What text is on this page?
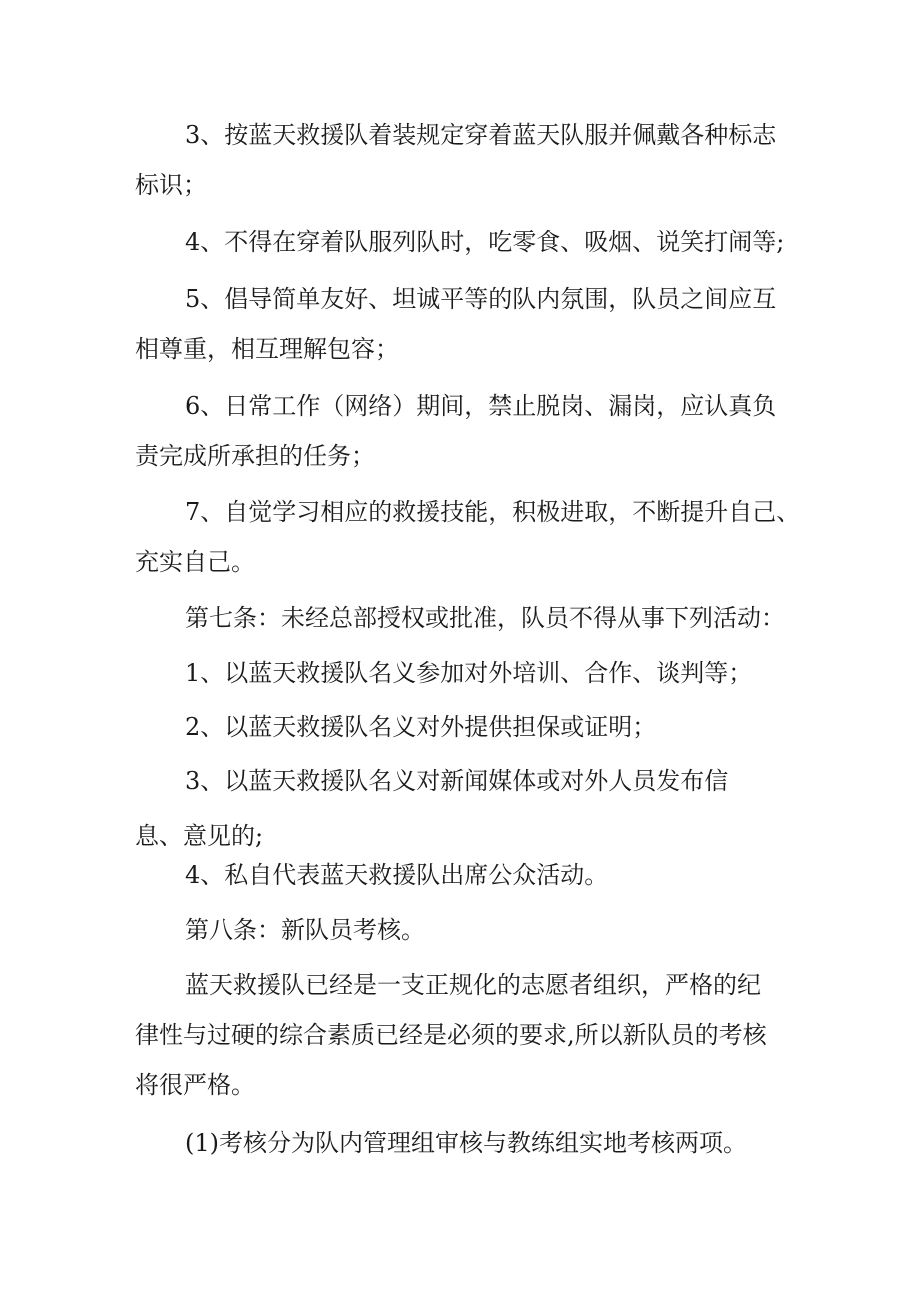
3、按蓝天救援队着装规定穿着蓝天队服并佩戴各种标志
标识；
4、不得在穿着队服列队时，吃零食、吸烟、说笑打闹等;
5、倡导简单友好、坦诚平等的队内氛围，队员之间应互
相尊重，相互理解包容；
6、日常工作（网络）期间，禁止脱岗、漏岗，应认真负
责完成所承担的任务；
7、自觉学习相应的救援技能，积极进取，不断提升自己、
充实自己。
第七条：未经总部授权或批准，队员不得从事下列活动：
1、以蓝天救援队名义参加对外培训、合作、谈判等；
2、以蓝天救援队名义对外提供担保或证明；
3、以蓝天救援队名义对新闻媒体或对外人员发布信
息、意见的;
4、私自代表蓝天救援队出席公众活动。
第八条：新队员考核。
蓝天救援队已经是一支正规化的志愿者组织，严格的纪
律性与过硬的综合素质已经是必须的要求,所以新队员的考核
将很严格。
(1)考核分为队内管理组审核与教练组实地考核两项。
